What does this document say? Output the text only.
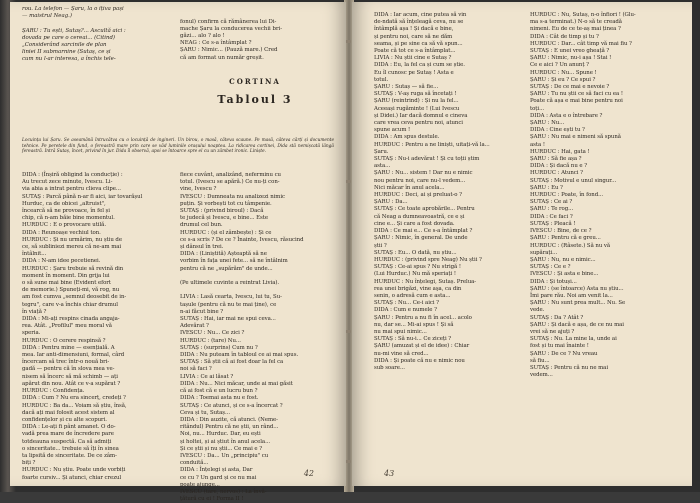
rou. La telefon — Șaru, la o ițiva pași
— maistrul Neag.)

ȘARU : Tu ești, Sutaș?... Ascultă aici :
dovada pe care o cereai... (Citind)
„Considerând sarcinile de plan
liniei II submarnine (Sutaș, ce și
cum nu l-ar interesa, a închis tele-

fonul) confirm că rămânerea lui Di-
mache Șaru la conducerea vechii bri-
găzi... alo ? alo !
NEAG : Ce s-a întâmplat ?
ȘARU : Nimic... (Pauză mare.) Cred
că am format un număr greșit.

CORTINA

Tabloul 3

Locuința lui Șaru. Se aseamănă întrucâtva cu o locuință de ingineri. Un birou, o masă, câteva scaune. Pe masă, câteva cărți și documente tehnice. Pe peretele din fund, o fereastră mare prin care se văd luminile orașului noaptea. La ridicarea cortinei, Dida stă nemișcată lângă fereastră. Intră Sutaș, încet, privind în jur. Dida îl observă, apoi se întoarce spre el cu un zâmbet ironic. Liniște.

DIDA : (Înșiră obligind la conducție) :
Au trecut zece minute, Ivescu. Li-
via abia a intrat pentru clieva clipe...
SUTAȘ : Parcă până n-ar fi aici, iar tovarășul
Hurduc, ca de obicei „altruist",
încearcă să ne provoace, în fel și
chip, că n-am băie bine momentul.
HURDUC : E o provocare utilă.
DIDA : Reunoașe vechiul ton.
HURDUC : Și nu urmărim, nu știu de
ce, să subliniezi mereu că ne-am mai
întâlnit...
DIDA : N-am idee pecetienei.
HURDUC : Șaru trebuie să revină din
moment în moment. Din grija lui
o să sune mai bine (Evident efort
de memorie.) Spuneți-mi, vă rog, nu
am fost cumva „semnul deosebit de in-
tegru", care v-a închis chiar drumul
în viață ?
DIDA : Mi-ați respins cinada angaja-
rea. Atât. „Profilul" meu moral vă
speria.
HURDUC : O cerere respinsă ?
DIDA : Pentru mine — esențială. A
mea. Iar anti-dimensiuni, formal, cârd
încercam să trec într-o nouă bri-
gadă — pentru că în slova mea ve-
nisem să încerc să mă schimb — ați
apărut din nou. Atât ce v-a supărat ?
HURDUC : Confidența.
DIDA : Cum ? Nu era sincerț, credeți ?
HURDUC : Ba da... Voiam să știu, însă,
dacă ați mai folosit acest sistem al
confidențelor și cu alte scopuri.
DIDA : Le-ați fi pânt amanet. O do-
vadă prea mare de încredere pare
totdeauna suspectă. Ca să admiți
o sinceritate... trebuie să îți în sinea
ta lipsită de sinceritate. De ce zâm-
biți ?
HURDUC : Nu știu. Poate unde vorbiți
foarte cursiv... Și atunci, chiar crezul

fiece cuvânt, analizând, neferminu cu
totul. (Ivescu se apără.) Ce nu-ți con-
vine, Ivescu ?
IVESCU : Dumneata nu analizezi nimic
puțin. Și vorbești tot cu tâmpenie.
SUTAȘ : (privind biroul) : Dacă
te judecă și Ivescu, e bine... Este
drumul cel bun.
HURDUC : (și el zâmbește) : Și ce
ce s-a scris ? De ce ? Înainte, Ivescu, răsucind
și dânsul în trei.
DIDA : (Liniștită) Așteaptă să ne
vorbim în fața unei fete... să ne întâlnim
pentru că ne „supărăm" de unde...

(Pe ultimele cuvinte a reintrat Livia).

LIVIA : Lasă cearta, Ivescu, lui tu, Su-
tașule (pentru că nu te mai ține), ce
n-ai făcut bine ?
SUTAȘ : Hai, iar mai ne spui ceva...
Adevărat ?
IVESCU : Nu... Ce zici ?
HURDUC : (tare) Nu...
SUTAȘ : (surprins) Cum nu ?
DIDA : Nu puteam în tabloul ce ai mai spus.
SUTAȘ : Să știi că ai fost doar la fel ca
noi să faci ?
LIVIA : Ce ai lăsat ?
DIDA : Nu... Nici măcar, unde ai mai găsit
că ai fost că e un lucru bun ?
DIDA : Toemai asta nu e fost.
SUTAȘ : Ce atunci, și ce s-a încercat ?
Ceva și tu, Sutaș...
DIDA : Din auzite, că atunci. (Neme-
ritândul) Pentru că ne știi, un rând...
Noi, nu... Hurduc. Dar, eu ești
și holtei, și ai știut în anul acela...
Și ce știi și nu știi... Ce mai e ?
IVESCU : Da... Un „principiu" cu
conduită...
DIDA : Înțelegi și asta, Dar
ce cu ? Un gard și ce nu mai
poate ajunge...
IVESCU (tare, nervos) : La învă-
țătură cu ei ! Forma II !

42

DIDA : Iar acum, cine putea să vin
de-ndată să înțeleagă ceva, nu se
întâmplă așa ! Și dacă e bine,
și pentru noi, care să ne dăm
seama, și pe sine ca să vă spun...
Poate că tot ce s-a întâmplat...
LIVIA : Nu știi cine e Sutaș ?
DIDA : Eu, la fel ca și cum se știe.
Eu îl cunosc pe Sutaș ! Asta e
totul.
ȘARU : Sutaș — să fie...
SUTAȘ : V-aș ruga să încetați !
ȘARU (reintrind) : Și nu la fel...
Aceeași rugăminte ! (Lui Ivescu
și Didei.) Iar dacă domnul e cineva
care vrea ceva pentru noi, atunci
spune acum !
DIDA : Am spus destule.
HURDUC : Pentru a ne liniști, uitați-vă la...
Șaru.
SUTAȘ : Nu-i adevărat ! Și cu toții știm
asta...
ȘARU : Nu... sistem ! Dar nu e nimic
nou pentru noi, care nu-l vedem...
Nici măcar în anul acela...
HURDUC : Deci, ai și preluat-o ?
ȘARU : Da...
SUTAȘ : Ce toate aprobările... Pentru
că Neag a dumneavoastră, ce e și
cine e... Și care a fost dovada.
DIDA : Ce mai e... Ce s-a întâmplat ?
ȘARU : Nimic, în general. De unde
știi ?
SUTAȘ : Eu... O dată, nu știu...
HURDUC : (privind spre Neag) Nu știi ?
SUTAȘ : Ce-ai spus ? Nu strigă !
(Lui Hurduc.) Nu mă speriați !
HURDUC : Nu înțelegi, Sutaș. Prelua-
rea unei brigăzi, vine aşa, ca din
senin, o adresă cum e asta...
SUTAȘ : Nu... Ce-i aici ?
DIDA : Cum e numele ?
ȘARU : Pentru a nu fi în acel... acolo
nu, dar se... Mi-ai spus ! Și să
nu mai spui nimic...
SUTAȘ : Să nu-i... Ce ziceți ?
ȘARU (amuzat și el de idee) : Chiar
nu-mi vine să cred...
DIDA : Și poate că nu e nimic nou
sub soare...

HURDUC : Nu, Sutaș, n-o înfiori ! (Glu-
ma s-a terminat.) N-o să te creadă
nimeni. Eu de ce te-aș mai ținea ?
DIDA : Cât de timp și tu ?
HURDUC : Dar... cât timp vă mai fiu ?
SUTAȘ : E unei vreo gheață ?
ȘARU : Nimic, nu-i așa ! Stai !
Ce e aici ? Un anunț ?
HURDUC : Nu... Spune !
ȘARU : Și eu ? Ce spui ?
SUTAȘ : De ce mai e nevoie ?
ȘARU : Tu nu știi ce să faci cu ea !
Poate că așa e mai bine pentru noi
toți...
DIDA : Asta e o întrebare ?
ȘARU : Nu...
DIDA : Cine ești tu ?
ȘARU : Nu mai e nimeni să spună
asta !
HURDUC : Hai, gata !
ȘARU : Să fie așa ?
DIDA : Și dacă nu e ?
HURDUC : Atunci ?
SUTAȘ : Motivul e unul singur...
ȘARU : Eu ?
HURDUC : Poate, în fond...
SUTAȘ : Ce ai ?
ȘARU : Te rog...
DIDA : Ce faci ?
SUTAȘ : Pleacă !
IVESCU : Bine, de ce ?
ȘARU : Pentru că e greu...
HURDUC : (Râsete.) Să nu vă
supărați...
ȘARU : Nu, nu e nimic...
SUTAȘ : Ce e ?
IVESCU : Și asta e bine...
DIDA : Și totuși...
ȘARU : (se întoarce) Asta nu știu...
Îmi pare rău. Noi am venit la...
ȘARU : Nu sunt prea mult... Nu. Se
vede.
SUTAȘ : Da ? Atât ?
ȘARU : Și dacă e așa, de ce nu mai
vrei să ne ajuți ?
SUTAȘ : Nu. La mine la, unde ai
fost și tu mai înainte !
ȘARU : De ce ? Nu vreau
să fiu...
SUTAȘ : Pentru că nu ne mai
vedem...

43
